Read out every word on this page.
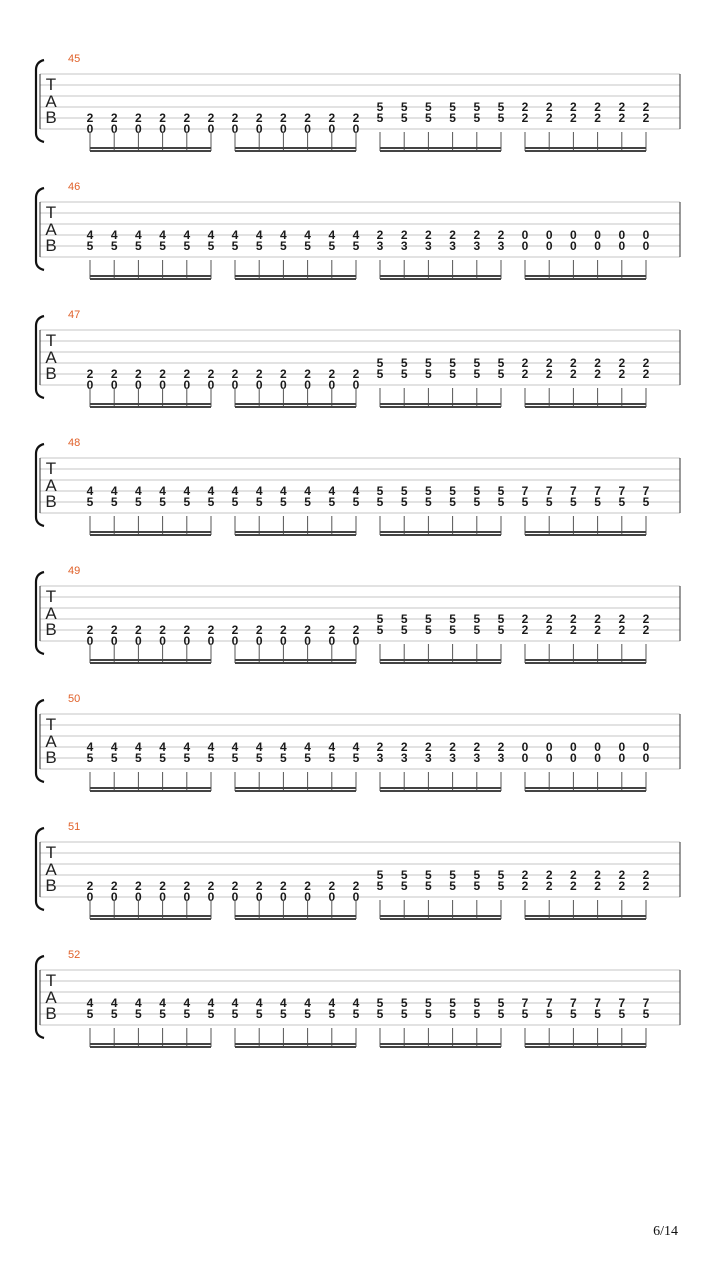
45
T
A
B 2
0
2
0
2
0
2
0
2
0
2
0
2
0
2
0
2
0
2
0
2
0
2
0
5
5
5
5
5
5
5
5
5
5
5
5
2
2
2
2
2
2
2
2
2
2
2
2
46
T
A
B
4
5
4
5
4
5
4
5
4
5
4
5
4
5
4
5
4
5
4
5
4
5
4
5
2
3
2
3
2
3
2
3
2
3
2
3
0
0
0
0
0
0
0
0
0
0
0
0
47
T
A
B 2
0
2
0
2
0
2
0
2
0
2
0
2
0
2
0
2
0
2
0
2
0
2
0
5
5
5
5
5
5
5
5
5
5
5
5
2
2
2
2
2
2
2
2
2
2
2
2
48
T
A
B
4
5
4
5
4
5
4
5
4
5
4
5
4
5
4
5
4
5
4
5
4
5
4
5
5
5
5
5
5
5
5
5
5
5
5
5
7
5
7
5
7
5
7
5
7
5
7
5
49
T
A
B 2
0
2
0
2
0
2
0
2
0
2
0
2
0
2
0
2
0
2
0
2
0
2
0
5
5
5
5
5
5
5
5
5
5
5
5
2
2
2
2
2
2
2
2
2
2
2
2
50
T
A
B
4
5
4
5
4
5
4
5
4
5
4
5
4
5
4
5
4
5
4
5
4
5
4
5
2
3
2
3
2
3
2
3
2
3
2
3
0
0
0
0
0
0
0
0
0
0
0
0
51
T
A
B 2
0
2
0
2
0
2
0
2
0
2
0
2
0
2
0
2
0
2
0
2
0
2
0
5
5
5
5
5
5
5
5
5
5
5
5
2
2
2
2
2
2
2
2
2
2
2
2
52
T
A
B
4
5
4
5
4
5
4
5
4
5
4
5
4
5
4
5
4
5
4
5
4
5
4
5
5
5
5
5
5
5
5
5
5
5
5
5
7
5
7
5
7
5
7
5
7
5
7
5
6/14
